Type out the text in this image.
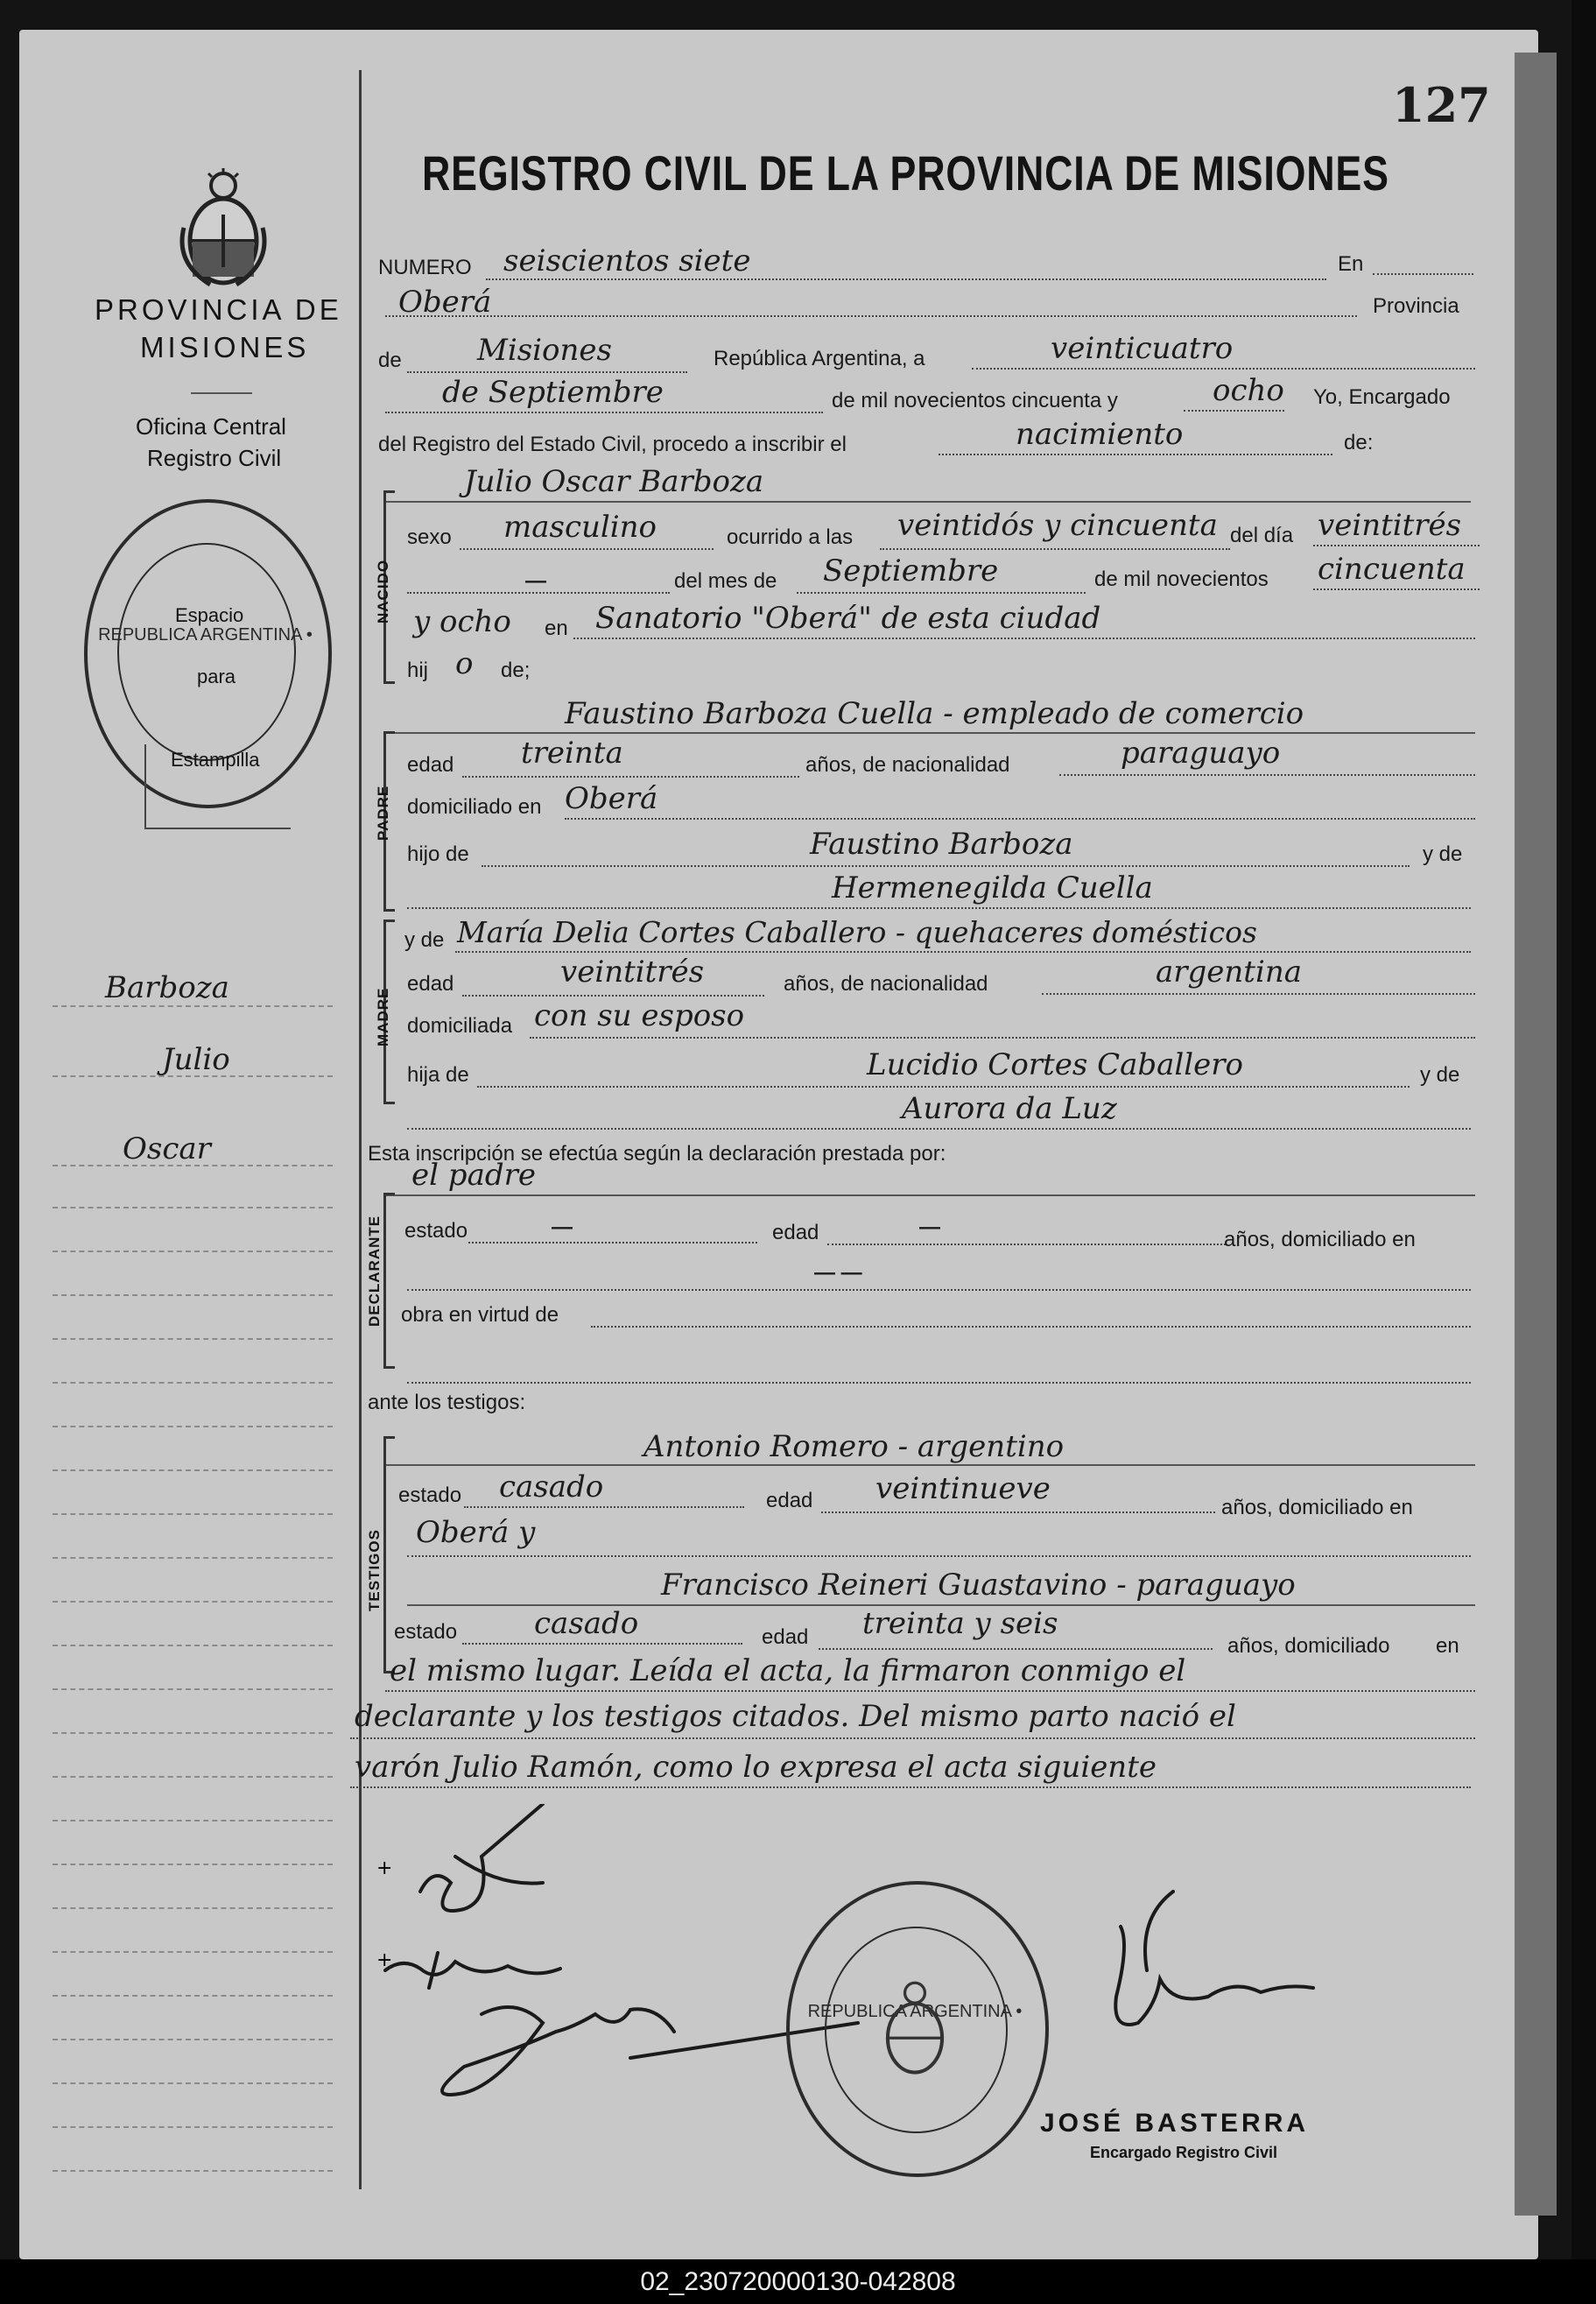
127
PROVINCIA DE
MISIONES
Oficina Central
Registro Civil
REPUBLICA ARGENTINA •
Espacio
para
Estampilla
Barboza
Julio
Oscar
REGISTRO CIVIL DE LA PROVINCIA DE MISIONES
NUMERO seiscientos siete	En
Oberá	Provincia
de	Misiones	República Argentina, a	veinticuatro
de Septiembre	de mil novecientos cincuenta y	ocho Yo, Encargado
del Registro del Estado Civil, procedo a inscribir el	nacimiento	de:
Julio Oscar Barboza
NACIDO
sexo masculino	ocurrido a las veintidós y cincuenta del día veintitrés
—	del mes de Septiembre	de mil novecientos cincuenta
y ocho en Sanatorio "Oberá" de esta ciudad
hij o de;
Faustino Barboza Cuella - empleado de comercio
PADRE
edad treinta	años, de nacionalidad	paraguayo
domiciliado en Oberá
hijo de	Faustino Barboza	y de
Hermenegilda Cuella
MADRE
y de María Delia Cortes Caballero - quehaceres domésticos
edad	veintitrés	años, de nacionalidad	argentina
domiciliada con su esposo
hija de	Lucidio Cortes Caballero	y de
Aurora da Luz
Esta inscripción se efectúa según la declaración prestada por:
el padre
DECLARANTE estado	—	edad	—
años, domiciliado en
— —
obra en virtud de
ante los testigos:
Antonio Romero - argentino
TESTIGOS
estado casado	edad veintinueve
años, domiciliado en
Oberá y
Francisco Reineri Guastavino - paraguayo
estado	casado	edad treinta y seis
años, domiciliado en
el mismo lugar. Leída el acta, la firmaron conmigo el
declarante y los testigos citados. Del mismo parto nació el
varón Julio Ramón, como lo expresa el acta siguiente
+
+
REPUBLICA ARGENTINA •
JOSÉ BASTERRA
Encargado Registro Civil
02_230720000130-042808
